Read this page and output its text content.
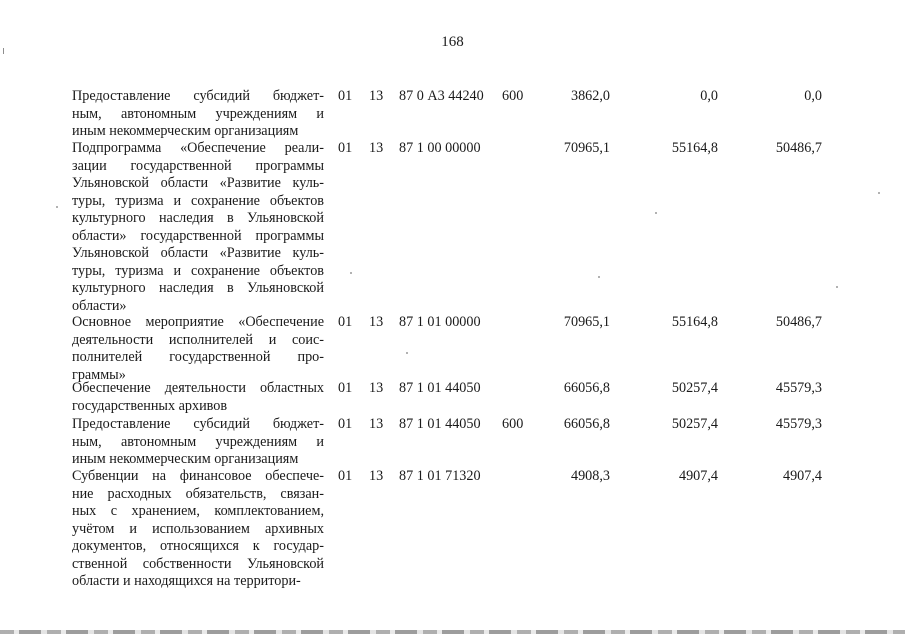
168
Предоставление субсидий бюджет-
ным, автономным учреждениям и
иным некоммерческим организациям
01 13 87 0 А3 44240 600	3862,0	0,0	0,0
Подпрограмма «Обеспечение реали-
зации государственной программы
Ульяновской области «Развитие куль-
туры, туризма и сохранение объектов
культурного наследия в Ульяновской
области» государственной программы
Ульяновской области «Развитие куль-
туры, туризма и сохранение объектов
культурного наследия в Ульяновской
области»
01 13 87 1 00 00000	70965,1	55164,8	50486,7
Основное мероприятие «Обеспечение
деятельности исполнителей и соис-
полнителей государственной про-
граммы»
01 13 87 1 01 00000	70965,1	55164,8	50486,7
Обеспечение деятельности областных
государственных архивов
01 13 87 1 01 44050	66056,8	50257,4	45579,3
Предоставление субсидий бюджет-
ным, автономным учреждениям и
иным некоммерческим организациям
01 13 87 1 01 44050 600	66056,8	50257,4	45579,3
Субвенции на финансовое обеспече-
ние расходных обязательств, связан-
ных с хранением, комплектованием,
учётом и использованием архивных
документов, относящихся к государ-
ственной собственности Ульяновской
области и находящихся на территори-
01 13 87 1 01 71320	4908,3	4907,4	4907,4
